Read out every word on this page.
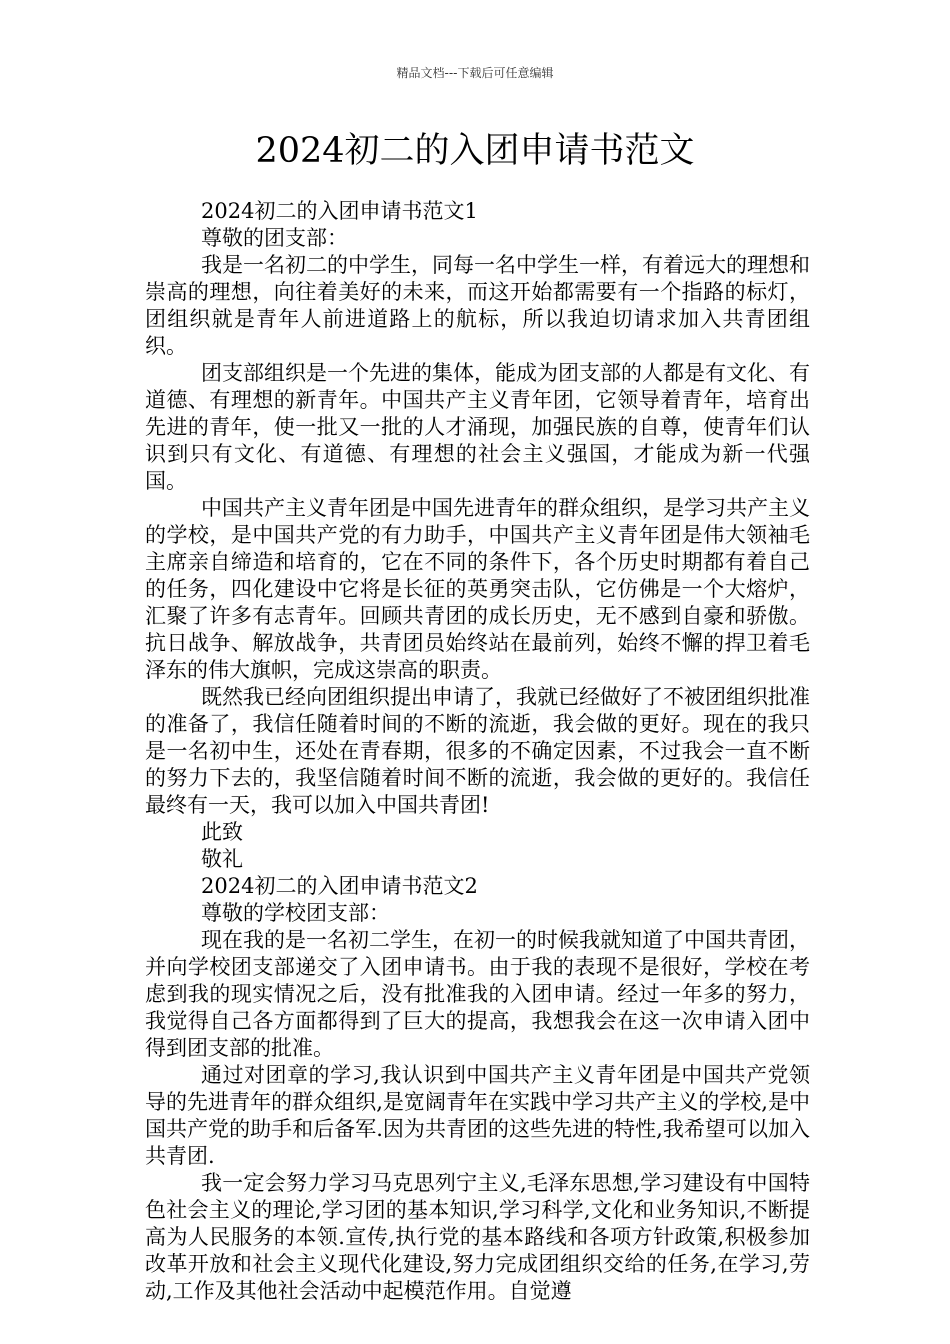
精品文档---下载后可任意编辑
2024初二的入团申请书范文
2024初二的入团申请书范文1
尊敬的团支部：

我是一名初二的中学生，同每一名中学生一样，有着远大的理想和崇高的理想，向往着美好的未来，而这开始都需要有一个指路的标灯，团组织就是青年人前进道路上的航标，所以我迫切请求加入共青团组织。

团支部组织是一个先进的集体，能成为团支部的人都是有文化、有道德、有理想的新青年。中国共产主义青年团，它领导着青年，培育出先进的青年，使一批又一批的人才涌现，加强民族的自尊，使青年们认识到只有文化、有道德、有理想的社会主义强国，才能成为新一代强国。

中国共产主义青年团是中国先进青年的群众组织，是学习共产主义的学校，是中国共产党的有力助手，中国共产主义青年团是伟大领袖毛主席亲自缔造和培育的，它在不同的条件下，各个历史时期都有着自己的任务，四化建设中它将是长征的英勇突击队，它仿佛是一个大熔炉，汇聚了许多有志青年。回顾共青团的成长历史，无不感到自豪和骄傲。抗日战争、解放战争，共青团员始终站在最前列，始终不懈的捍卫着毛泽东的伟大旗帜，完成这崇高的职责。

既然我已经向团组织提出申请了，我就已经做好了不被团组织批准的准备了，我信任随着时间的不断的流逝，我会做的更好。现在的我只是一名初中生，还处在青春期，很多的不确定因素，不过我会一直不断的努力下去的，我坚信随着时间不断的流逝，我会做的更好的。我信任最终有一天，我可以加入中国共青团!

此致
敬礼
2024初二的入团申请书范文2
尊敬的学校团支部：

现在我的是一名初二学生，在初一的时候我就知道了中国共青团，并向学校团支部递交了入团申请书。由于我的表现不是很好，学校在考虑到我的现实情况之后，没有批准我的入团申请。经过一年多的努力，我觉得自己各方面都得到了巨大的提高，我想我会在这一次申请入团中得到团支部的批准。

通过对团章的学习,我认识到中国共产主义青年团是中国共产党领导的先进青年的群众组织,是宽阔青年在实践中学习共产主义的学校,是中国共产党的助手和后备军.因为共青团的这些先进的特性,我希望可以加入共青团.

我一定会努力学习马克思列宁主义,毛泽东思想,学习建设有中国特色社会主义的理论,学习团的基本知识,学习科学,文化和业务知识,不断提高为人民服务的本领.宣传,执行党的基本路线和各项方针政策,积极参加改革开放和社会主义现代化建设,努力完成团组织交给的任务,在学习,劳动,工作及其他社会活动中起模范作用。自觉遵
